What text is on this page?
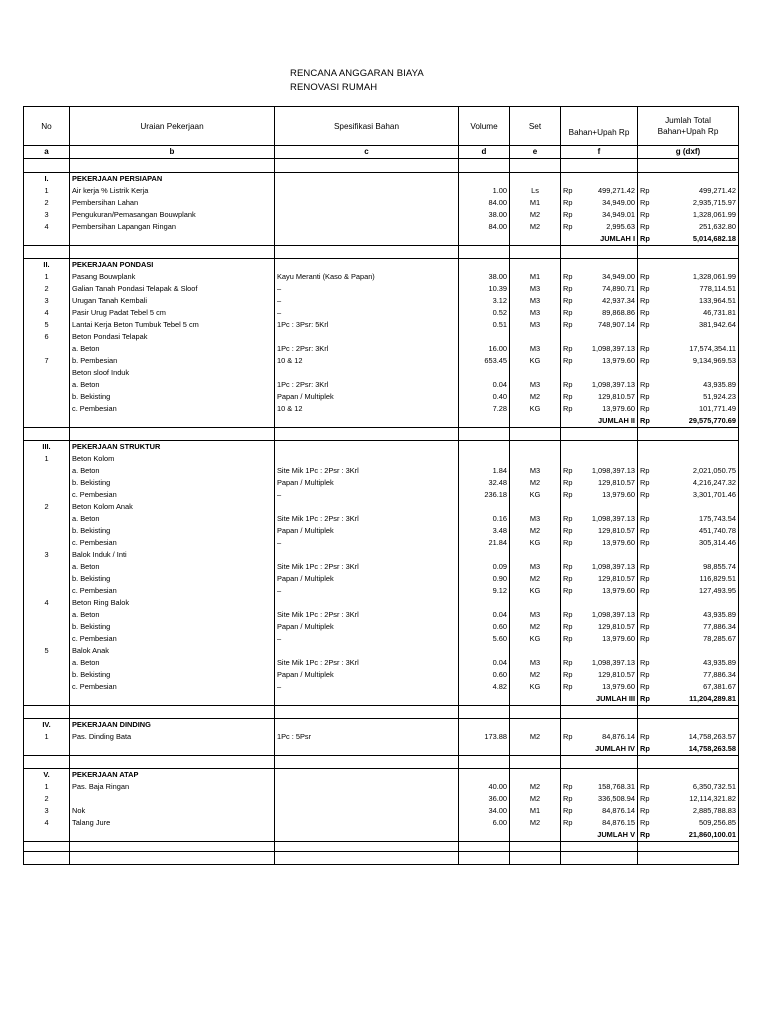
RENCANA ANGGARAN BIAYA
RENOVASI RUMAH
No	Uraian Pekerjaan	Spesifikasi Bahan	Volume	Set	Bahan+Upah Rp	Jumlah Total Bahan+Upah Rp
a	b	c	d	e	f	g (dxf)

I.	PEKERJAAN PERSIAPAN					
1	Air kerja % Listrik Kerja		1.00	Ls	Rp 499,271.42	Rp 499,271.42

2	Pembersihan Lahan		84.00	M1	Rp 34,949.00	Rp 2,935,715.97

3	Pengukuran/Pemasangan Bouwplank		38.00	M2	Rp 34,949.01	Rp 1,328,061.99

4	Pembersihan Lapangan Ringan		84.00	M2	Rp 2,995.63	Rp 251,632.80

					JUMLAH I	Rp 5,014,682.18

II.	PEKERJAAN PONDASI					
1	Pasang Bouwplank	Kayu Meranti (Kaso & Papan)	38.00	M1	Rp 34,949.00	Rp 1,328,061.99

2	Galian Tanah Pondasi Telapak & Sloof	–	10.39	M3	Rp 74,890.71	Rp 778,114.51

3	Urugan Tanah Kembali	–	3.12	M3	Rp 42,937.34	Rp 133,964.51

4	Pasir Urug Padat Tebel 5 cm	–	0.52	M3	Rp 89,868.86	Rp 46,731.81

5	Lantai Kerja Beton Tumbuk Tebel 5 cm	1Pc : 3Psr: 5Krl	0.51	M3	Rp 748,907.14	Rp 381,942.64

6	Beton Pondasi Telapak				

	a. Beton	1Pc : 2Psr: 3Krl	16.00	M3	Rp 1,098,397.13	Rp 17,574,354.11

7	b. Pembesian	10 & 12	653.45	KG	Rp 13,979.60	Rp 9,134,969.53

	Beton sloof Induk				

	a. Beton	1Pc : 2Psr: 3Krl	0.04	M3	Rp 1,098,397.13	Rp 43,935.89

	b. Bekisting	Papan / Multiplek	0.40	M2	Rp 129,810.57	Rp 51,924.23

	c. Pembesian	10 & 12	7.28	KG	Rp 13,979.60	Rp 101,771.49

					JUMLAH II	Rp 29,575,770.69

III.	PEKERJAAN STRUKTUR					
1	Beton Kolom				

	a. Beton	Site Mik 1Pc : 2Psr : 3Krl	1.84	M3	Rp 1,098,397.13	Rp 2,021,050.75

	b. Bekisting	Papan / Multiplek	32.48	M2	Rp 129,810.57	Rp 4,216,247.32

	c. Pembesian	–	236.18	KG	Rp 13,979.60	Rp 3,301,701.46

2	Beton Kolom Anak				

	a. Beton	Site Mik 1Pc : 2Psr : 3Krl	0.16	M3	Rp 1,098,397.13	Rp 175,743.54

	b. Bekisting	Papan / Multiplek	3.48	M2	Rp 129,810.57	Rp 451,740.78

	c. Pembesian	–	21.84	KG	Rp 13,979.60	Rp 305,314.46

3	Balok Induk / Inti				

	a. Beton	Site Mik 1Pc : 2Psr : 3Krl	0.09	M3	Rp 1,098,397.13	Rp 98,855.74

	b. Bekisting	Papan / Multiplek	0.90	M2	Rp 129,810.57	Rp 116,829.51

	c. Pembesian	–	9.12	KG	Rp 13,979.60	Rp 127,493.95

4	Beton Ring Balok				

	a. Beton	Site Mik 1Pc : 2Psr : 3Krl	0.04	M3	Rp 1,098,397.13	Rp 43,935.89

	b. Bekisting	Papan / Multiplek	0.60	M2	Rp 129,810.57	Rp 77,886.34

	c. Pembesian	–	5.60	KG	Rp 13,979.60	Rp 78,285.67

5	Balok Anak				

	a. Beton	Site Mik 1Pc : 2Psr : 3Krl	0.04	M3	Rp 1,098,397.13	Rp 43,935.89

	b. Bekisting	Papan / Multiplek	0.60	M2	Rp 129,810.57	Rp 77,886.34

	c. Pembesian	–	4.82	KG	Rp 13,979.60	Rp 67,381.67

					JUMLAH III	Rp 11,204,289.81

IV.	PEKERJAAN DINDING					
1	Pas. Dinding Bata	1Pc : 5Psr	173.88	M2	Rp 84,876.14	Rp 14,758,263.57

					JUMLAH IV	Rp 14,758,263.58

V.	PEKERJAAN ATAP					
1	Pas. Baja Ringan		40.00	M2	Rp 158,768.31	Rp 6,350,732.51

2			36.00	M2	Rp 336,508.94	Rp 12,114,321.82

3	Nok		34.00	M1	Rp 84,876.14	Rp 2,885,788.83

4	Talang Jure		6.00	M2	Rp 84,876.15	Rp 509,256.85

					JUMLAH V	Rp 21,860,100.01
